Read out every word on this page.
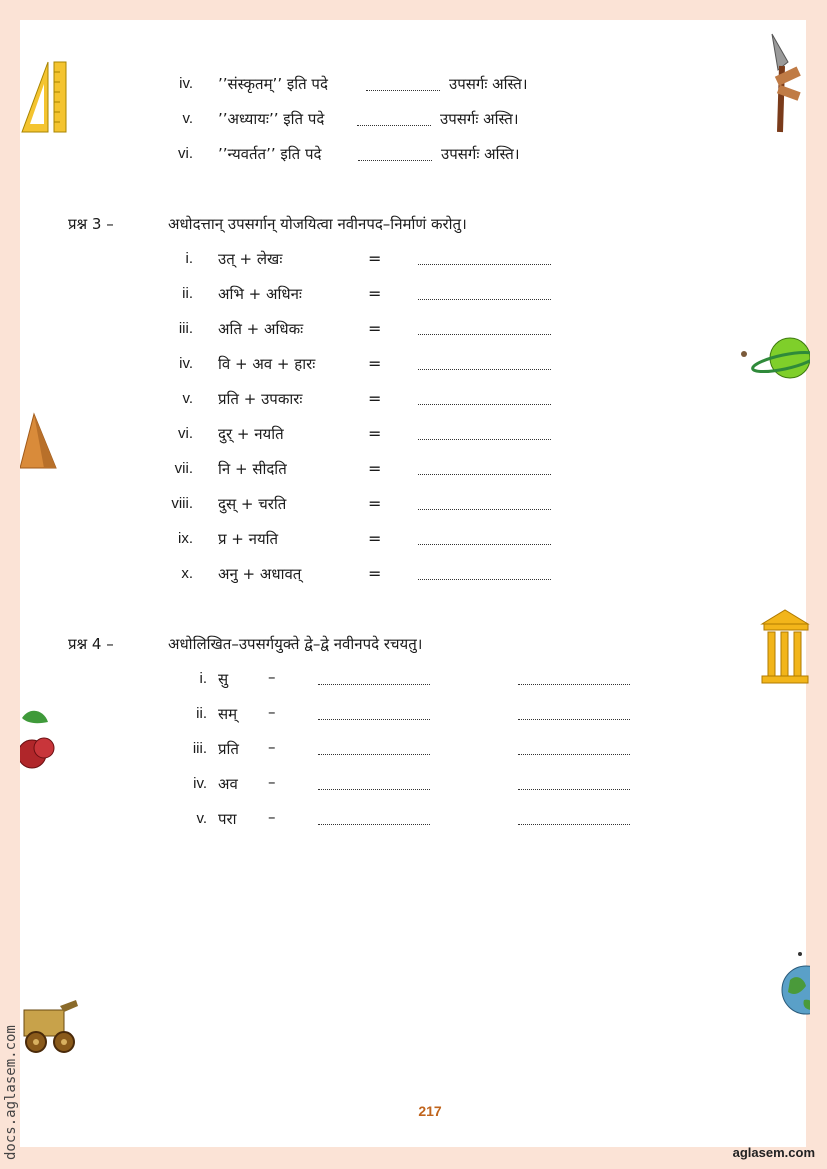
iv. ’’संस्कृतम्’’ इति पदे	उपसर्गः अस्ति।
v. ’’अध्यायः’’ इति पदे	उपसर्गः अस्ति।
vi. ’’न्यवर्तत’’ इति पदे	उपसर्गः अस्ति।
प्रश्न 3 –	अधोदत्तान् उपसर्गान् योजयित्वा नवीनपद–निर्माणं करोतु।
i. उत् + लेखः	=
ii. अभि + अधिनः	=
iii. अति + अधिकः	=
iv. वि + अव + हारः	=
v. प्रति + उपकारः	=
vi. दुर् + नयति	=
vii. नि + सीदति	=
viii. दुस् + चरति	=
ix. प्र + नयति	=
x. अनु + अधावत्	=
प्रश्न 4 –	अधोलिखित–उपसर्गयुक्ते द्वे–द्वे नवीनपदे रचयतु।
i. सु	–
ii. सम् –
iii. प्रति –
iv. अव –
v. परा –
docs.aglasem.com	217
aglasem.com
